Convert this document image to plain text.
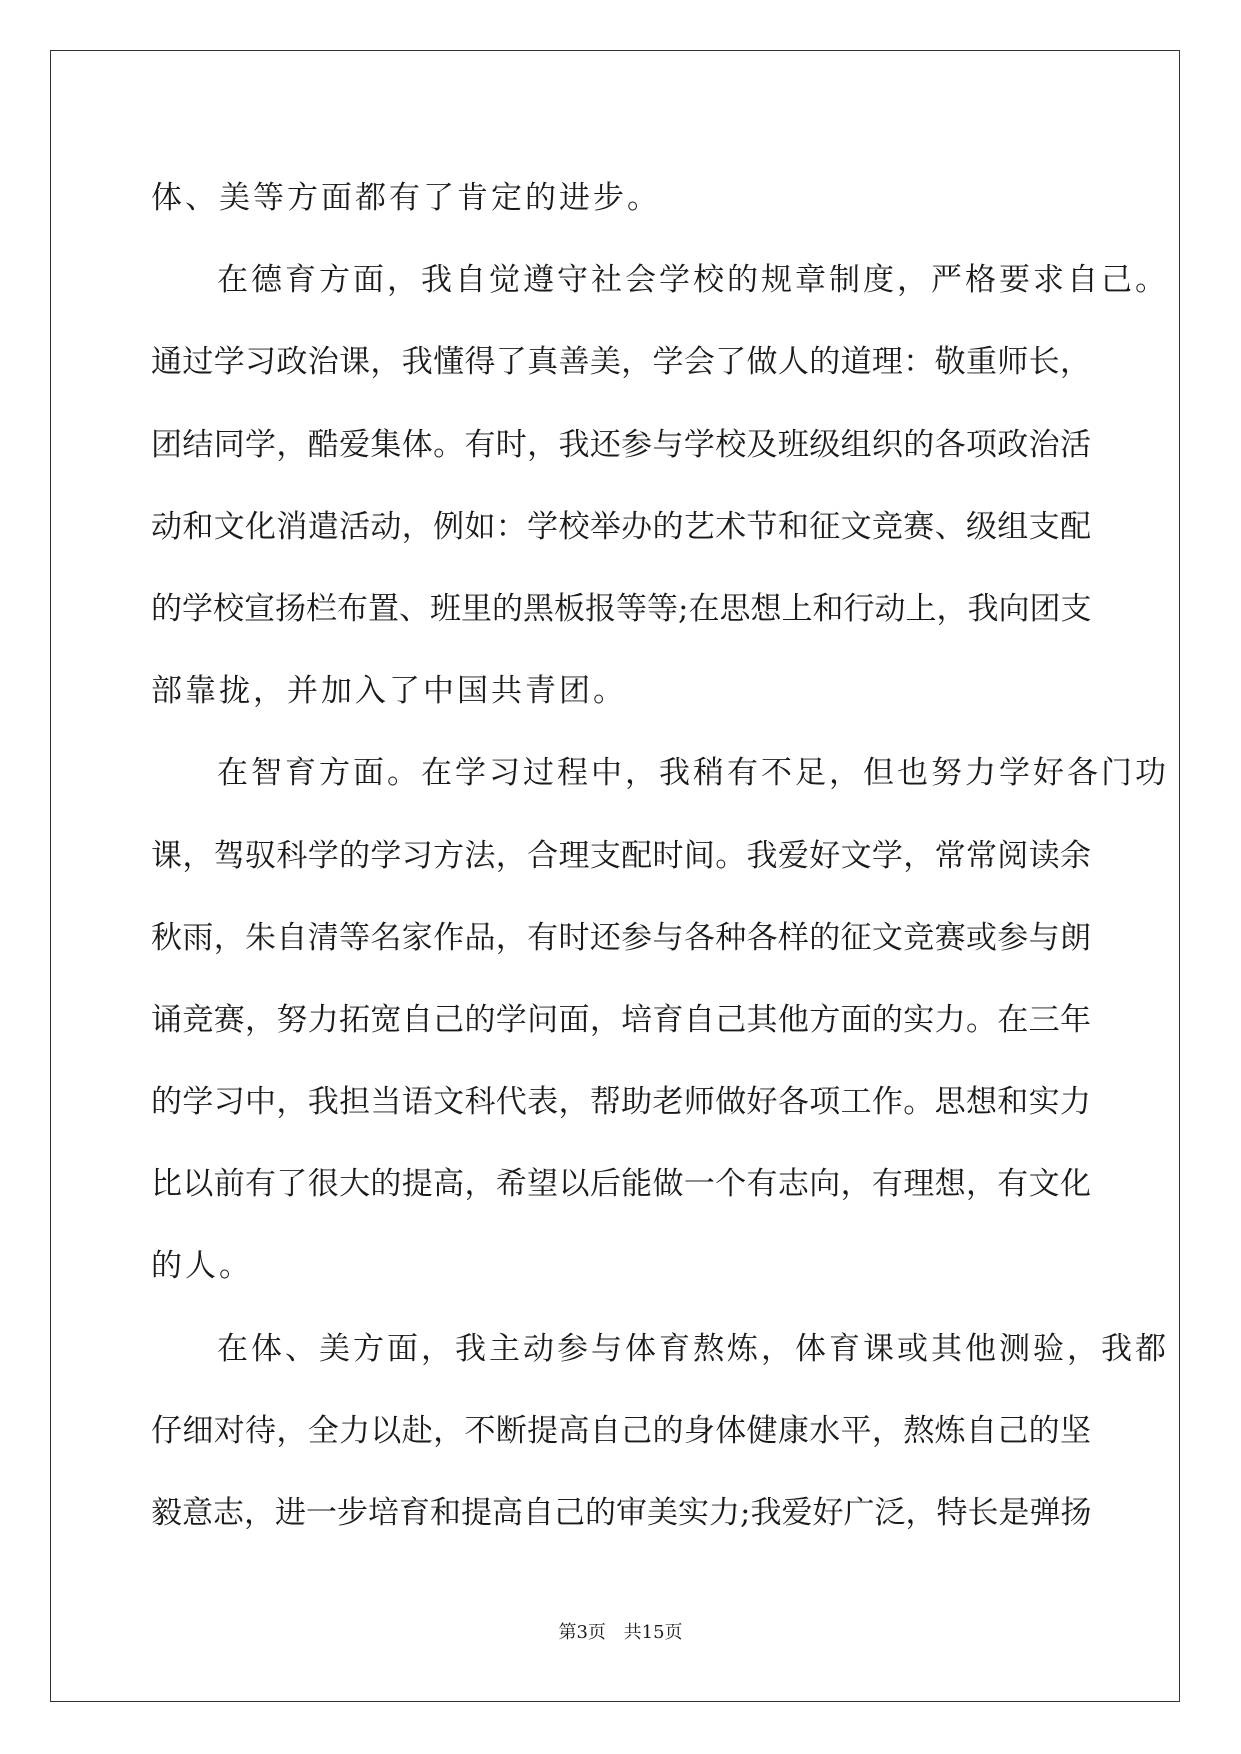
体、美等方面都有了肯定的进步。
在德育方面，我自觉遵守社会学校的规章制度，严格要求自己。
通过学习政治课，我懂得了真善美，学会了做人的道理：敬重师长，
团结同学，酷爱集体。有时，我还参与学校及班级组织的各项政治活
动和文化消遣活动，例如：学校举办的艺术节和征文竞赛、级组支配
的学校宣扬栏布置、班里的黑板报等等;在思想上和行动上，我向团支
部靠拢，并加入了中国共青团。
在智育方面。在学习过程中，我稍有不足，但也努力学好各门功
课，驾驭科学的学习方法，合理支配时间。我爱好文学，常常阅读余
秋雨，朱自清等名家作品，有时还参与各种各样的征文竞赛或参与朗
诵竞赛，努力拓宽自己的学问面，培育自己其他方面的实力。在三年
的学习中，我担当语文科代表，帮助老师做好各项工作。思想和实力
比以前有了很大的提高，希望以后能做一个有志向，有理想，有文化
的人。
在体、美方面，我主动参与体育熬炼，体育课或其他测验，我都
仔细对待，全力以赴，不断提高自己的身体健康水平，熬炼自己的坚
毅意志，进一步培育和提高自己的审美实力;我爱好广泛，特长是弹扬
第3页 共15页
